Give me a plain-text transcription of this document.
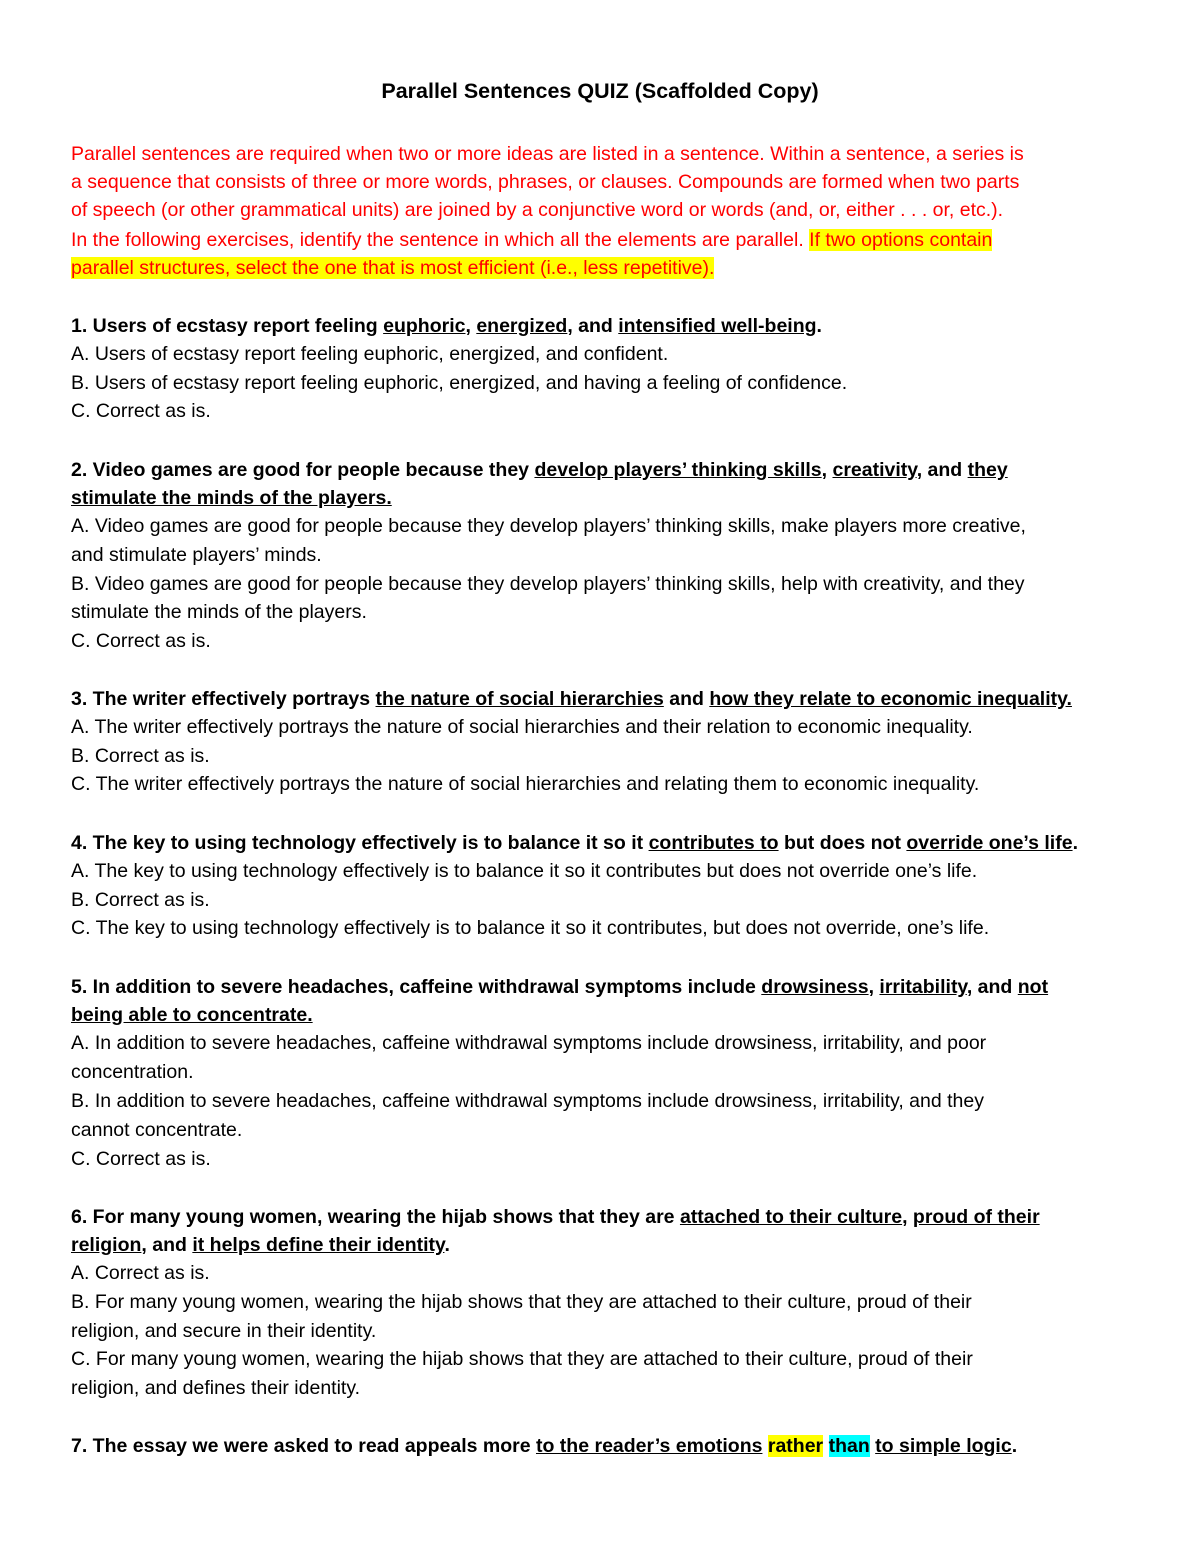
Parallel Sentences QUIZ (Scaffolded Copy)
Parallel sentences are required when two or more ideas are listed in a sentence. Within a sentence, a series is
a sequence that consists of three or more words, phrases, or clauses. Compounds are formed when two parts
of speech (or other grammatical units) are joined by a conjunctive word or words (and, or, either . . . or, etc.).
In the following exercises, identify the sentence in which all the elements are parallel. If two options contain
parallel structures, select the one that is most efficient (i.e., less repetitive).
1. Users of ecstasy report feeling euphoric, energized, and intensified well-being.
A. Users of ecstasy report feeling euphoric, energized, and confident.
B. Users of ecstasy report feeling euphoric, energized, and having a feeling of confidence.
C. Correct as is.
2. Video games are good for people because they develop players’ thinking skills, creativity, and they
stimulate the minds of the players.
A. Video games are good for people because they develop players’ thinking skills, make players more creative,
and stimulate players’ minds.
B. Video games are good for people because they develop players’ thinking skills, help with creativity, and they
stimulate the minds of the players.
C. Correct as is.
3. The writer effectively portrays the nature of social hierarchies and how they relate to economic inequality.
A. The writer effectively portrays the nature of social hierarchies and their relation to economic inequality.
B. Correct as is.
C. The writer effectively portrays the nature of social hierarchies and relating them to economic inequality.
4. The key to using technology effectively is to balance it so it contributes to but does not override one’s life.
A. The key to using technology effectively is to balance it so it contributes but does not override one’s life.
B. Correct as is.
C. The key to using technology effectively is to balance it so it contributes, but does not override, one’s life.
5. In addition to severe headaches, caffeine withdrawal symptoms include drowsiness, irritability, and not
being able to concentrate.
A. In addition to severe headaches, caffeine withdrawal symptoms include drowsiness, irritability, and poor
concentration.
B. In addition to severe headaches, caffeine withdrawal symptoms include drowsiness, irritability, and they
cannot concentrate.
C. Correct as is.
6. For many young women, wearing the hijab shows that they are attached to their culture, proud of their
religion, and it helps define their identity.
A. Correct as is.
B. For many young women, wearing the hijab shows that they are attached to their culture, proud of their
religion, and secure in their identity.
C. For many young women, wearing the hijab shows that they are attached to their culture, proud of their
religion, and defines their identity.
7. The essay we were asked to read appeals more to the reader’s emotions rather than to simple logic.
